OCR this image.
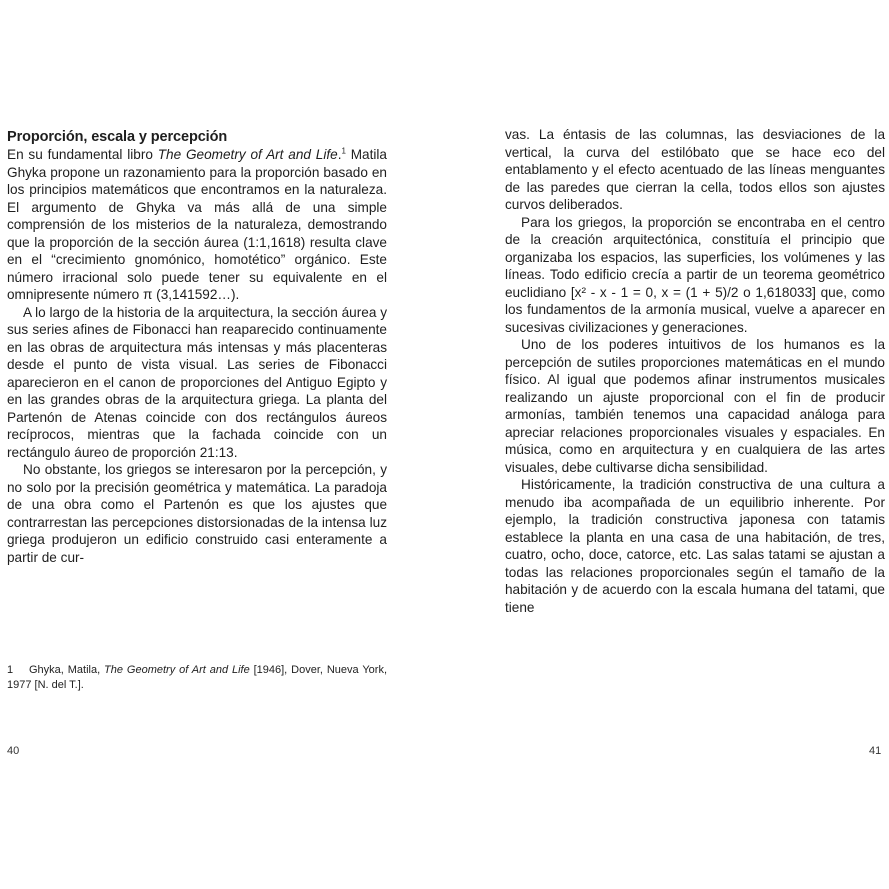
Proporción, escala y percepción

En su fundamental libro The Geometry of Art and Life.$^1$ Matila Ghyka propone un razonamiento para la proporción basado en los principios matemáticos que encontramos en la naturaleza. El argumento de Ghyka va más allá de una simple comprensión de los misterios de la naturaleza, demostrando que la proporción de la sección áurea (1:1,1618) resulta clave en el “crecimiento gnomónico, homotético” orgánico. Este número irracional solo puede tener su equivalente en el omnipresente número π (3,141592…).

A lo largo de la historia de la arquitectura, la sección áurea y sus series afines de Fibonacci han reaparecido continuamente en las obras de arquitectura más intensas y más placenteras desde el punto de vista visual. Las series de Fibonacci aparecieron en el canon de proporciones del Antiguo Egipto y en las grandes obras de la arquitectura griega. La planta del Partenón de Atenas coincide con dos rectángulos áureos recíprocos, mientras que la fachada coincide con un rectángulo áureo de proporción 21:13.

No obstante, los griegos se interesaron por la percepción, y no solo por la precisión geométrica y matemática. La paradoja de una obra como el Partenón es que los ajustes que contrarrestan las percepciones distorsionadas de la intensa luz griega produjeron un edificio construido casi enteramente a partir de cur-

1 Ghyka, Matila, The Geometry of Art and Life [1946], Dover, Nueva York, 1977 [N. del T.].

40

vas. La éntasis de las columnas, las desviaciones de la vertical, la curva del estilóbato que se hace eco del entablamento y el efecto acentuado de las líneas menguantes de las paredes que cierran la cella, todos ellos son ajustes curvos deliberados.

Para los griegos, la proporción se encontraba en el centro de la creación arquitectónica, constituía el principio que organizaba los espacios, las superficies, los volúmenes y las líneas. Todo edificio crecía a partir de un teorema geométrico euclidiano [x² - x - 1 = 0, x = (1 + 5)/2 o 1,618033] que, como los fundamentos de la armonía musical, vuelve a aparecer en sucesivas civilizaciones y generaciones.

Uno de los poderes intuitivos de los humanos es la percepción de sutiles proporciones matemáticas en el mundo físico. Al igual que podemos afinar instrumentos musicales realizando un ajuste proporcional con el fin de producir armonías, también tenemos una capacidad análoga para apreciar relaciones proporcionales visuales y espaciales. En música, como en arquitectura y en cualquiera de las artes visuales, debe cultivarse dicha sensibilidad.

Históricamente, la tradición constructiva de una cultura a menudo iba acompañada de un equilibrio inherente. Por ejemplo, la tradición constructiva japonesa con tatamis establece la planta en una casa de una habitación, de tres, cuatro, ocho, doce, catorce, etc. Las salas tatami se ajustan a todas las relaciones proporcionales según el tamaño de la habitación y de acuerdo con la escala humana del tatami, que tiene

41
